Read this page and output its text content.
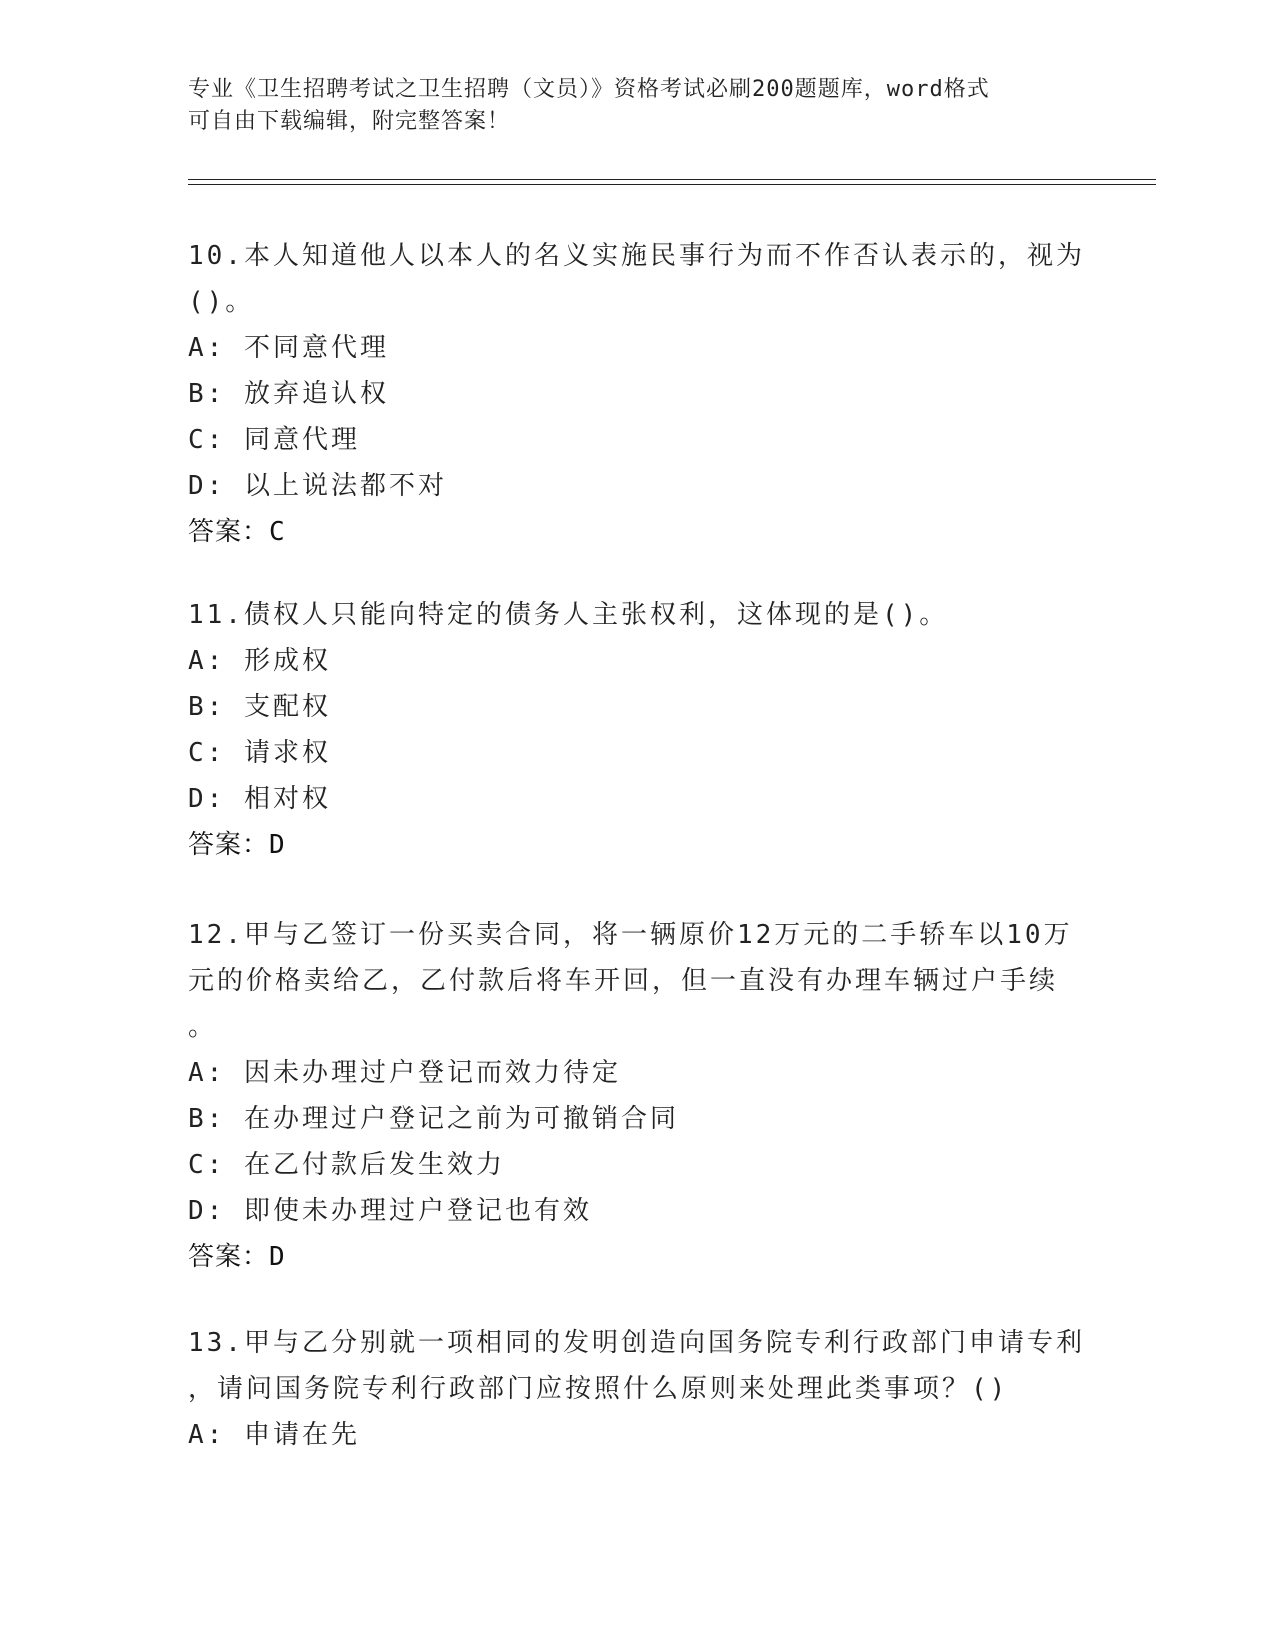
专业《卫生招聘考试之卫生招聘（文员）》资格考试必刷200题题库，word格式
可自由下载编辑，附完整答案！

10.本人知道他人以本人的名义实施民事行为而不作否认表示的，视为

()。

A: 不同意代理

B: 放弃追认权

C: 同意代理

D: 以上说法都不对

答案：C

11.债权人只能向特定的债务人主张权利，这体现的是()。

A: 形成权

B: 支配权

C: 请求权

D: 相对权

答案：D

12.甲与乙签订一份买卖合同，将一辆原价12万元的二手轿车以10万

元的价格卖给乙，乙付款后将车开回，但一直没有办理车辆过户手续

。

A: 因未办理过户登记而效力待定

B: 在办理过户登记之前为可撤销合同

C: 在乙付款后发生效力

D: 即使未办理过户登记也有效

答案：D

13.甲与乙分别就一项相同的发明创造向国务院专利行政部门申请专利

，请问国务院专利行政部门应按照什么原则来处理此类事项？()

A: 申请在先
